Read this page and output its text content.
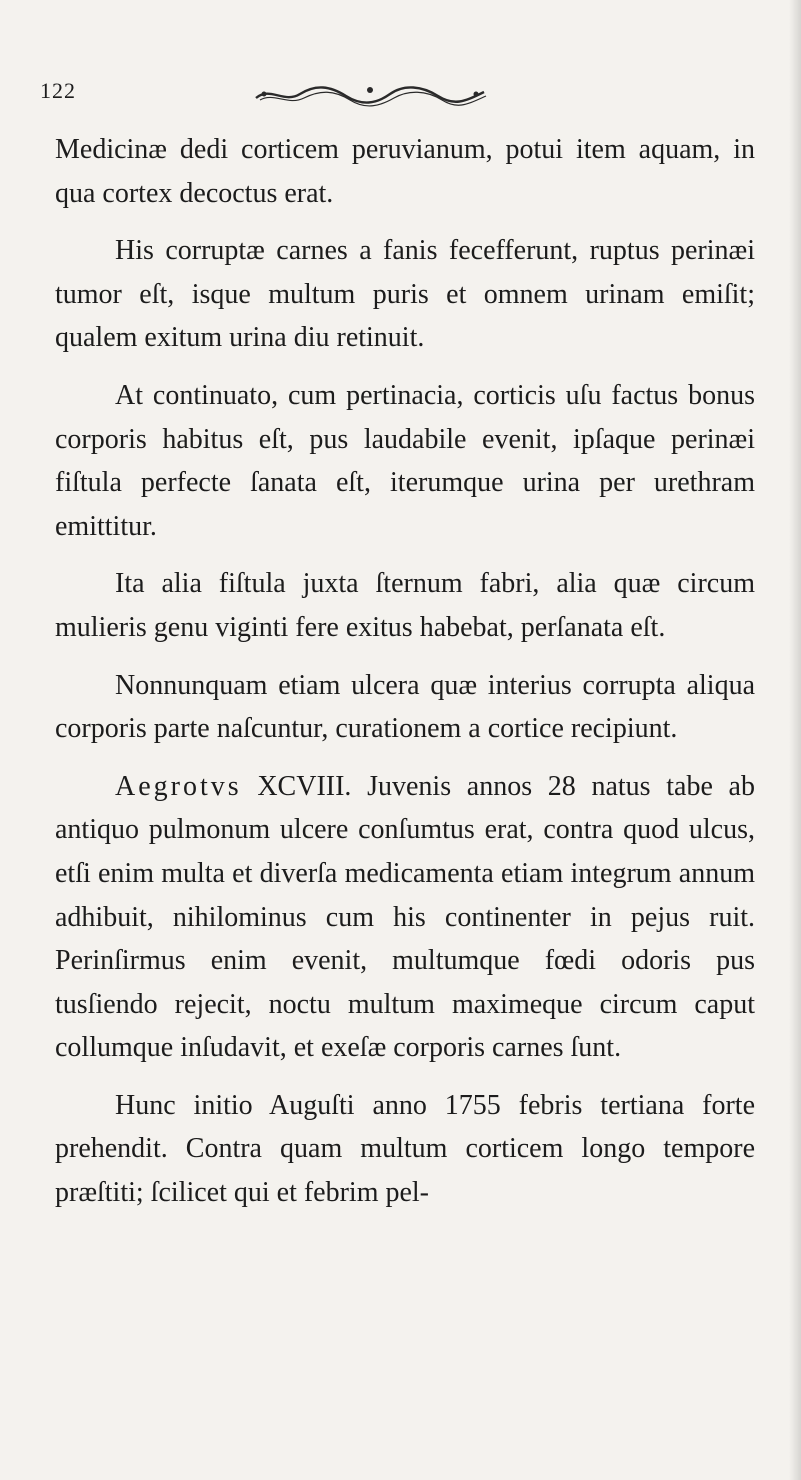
122

Medicinæ dedi corticem peruvianum, potui item aquam, in qua cortex decoctus erat.

His corruptæ carnes a fanis fecefferunt, ruptus perinæi tumor eſt, isque multum puris et omnem urinam emiſit; qualem exitum urina diu retinuit.

At continuato, cum pertinacia, corticis uſu factus bonus corporis habitus eſt, pus laudabile evenit, ipſaque perinæi fiſtula perfecte ſanata eſt, iterumque urina per urethram emittitur.

Ita alia fiſtula juxta ſternum fabri, alia quæ circum mulieris genu viginti fere exitus habebat, perſanata eſt.

Nonnunquam etiam ulcera quæ interius corrupta aliqua corporis parte naſcuntur, curationem a cortice recipiunt.

Aegrotvs XCVIII. Juvenis annos 28 natus tabe ab antiquo pulmonum ulcere conſumtus erat, contra quod ulcus, etſi enim multa et diverſa medicamenta etiam integrum annum adhibuit, nihilominus cum his continenter in pejus ruit. Perinſirmus enim evenit, multumque fœdi odoris pus tusſiendo rejecit, noctu multum maximeque circum caput collumque inſudavit, et exeſæ corporis carnes ſunt.

Hunc initio Auguſti anno 1755 febris tertiana forte prehendit. Contra quam multum corticem longo tempore præſtiti; ſcilicet qui et febrim pel-
